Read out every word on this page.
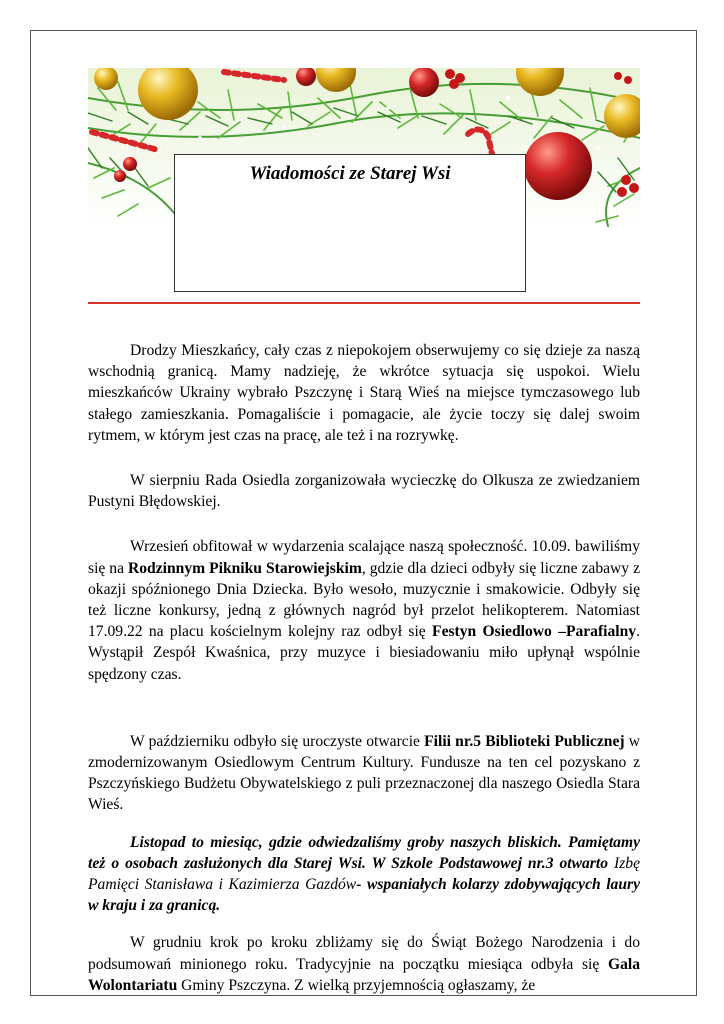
Wiadomości ze Starej Wsi

Drodzy Mieszkańcy, cały czas z niepokojem obserwujemy co się dzieje za naszą wschodnią granicą. Mamy nadzieję, że wkrótce sytuacja się uspokoi. Wielu mieszkańców Ukrainy wybrało Pszczynę i Starą Wieś na miejsce tymczasowego lub stałego zamieszkania. Pomagaliście i pomagacie, ale życie toczy się dalej swoim rytmem, w którym jest czas na pracę, ale też i na rozrywkę.

W sierpniu Rada Osiedla zorganizowała wycieczkę do Olkusza ze zwiedzaniem Pustyni Błędowskiej.

Wrzesień obfitował w wydarzenia scalające naszą społeczność. 10.09. bawiliśmy się na Rodzinnym Pikniku Starowiejskim, gdzie dla dzieci odbyły się liczne zabawy z okazji spóźnionego Dnia Dziecka. Było wesoło, muzycznie i smakowicie. Odbyły się też liczne konkursy, jedną z głównych nagród był przelot helikopterem. Natomiast 17.09.22 na placu kościelnym kolejny raz odbył się Festyn Osiedlowo –Parafialny. Wystąpił Zespół Kwaśnica, przy muzyce i biesiadowaniu miło upłynął wspólnie spędzony czas.

W październiku odbyło się uroczyste otwarcie Filii nr.5 Biblioteki Publicznej w zmodernizowanym Osiedlowym Centrum Kultury. Fundusze na ten cel pozyskano z Pszczyńskiego Budżetu Obywatelskiego z puli przeznaczonej dla naszego Osiedla Stara Wieś.

Listopad to miesiąc, gdzie odwiedzaliśmy groby naszych bliskich. Pamiętamy też o osobach zasłużonych dla Starej Wsi. W Szkole Podstawowej nr.3 otwarto Izbę Pamięci Stanisława i Kazimierza Gazdów- wspaniałych kolarzy zdobywających laury w kraju i za granicą.

W grudniu krok po kroku zbliżamy się do Świąt Bożego Narodzenia i do podsumowań minionego roku. Tradycyjnie na początku miesiąca odbyła się Gala Wolontariatu Gminy Pszczyna. Z wielką przyjemnością ogłaszamy, że
